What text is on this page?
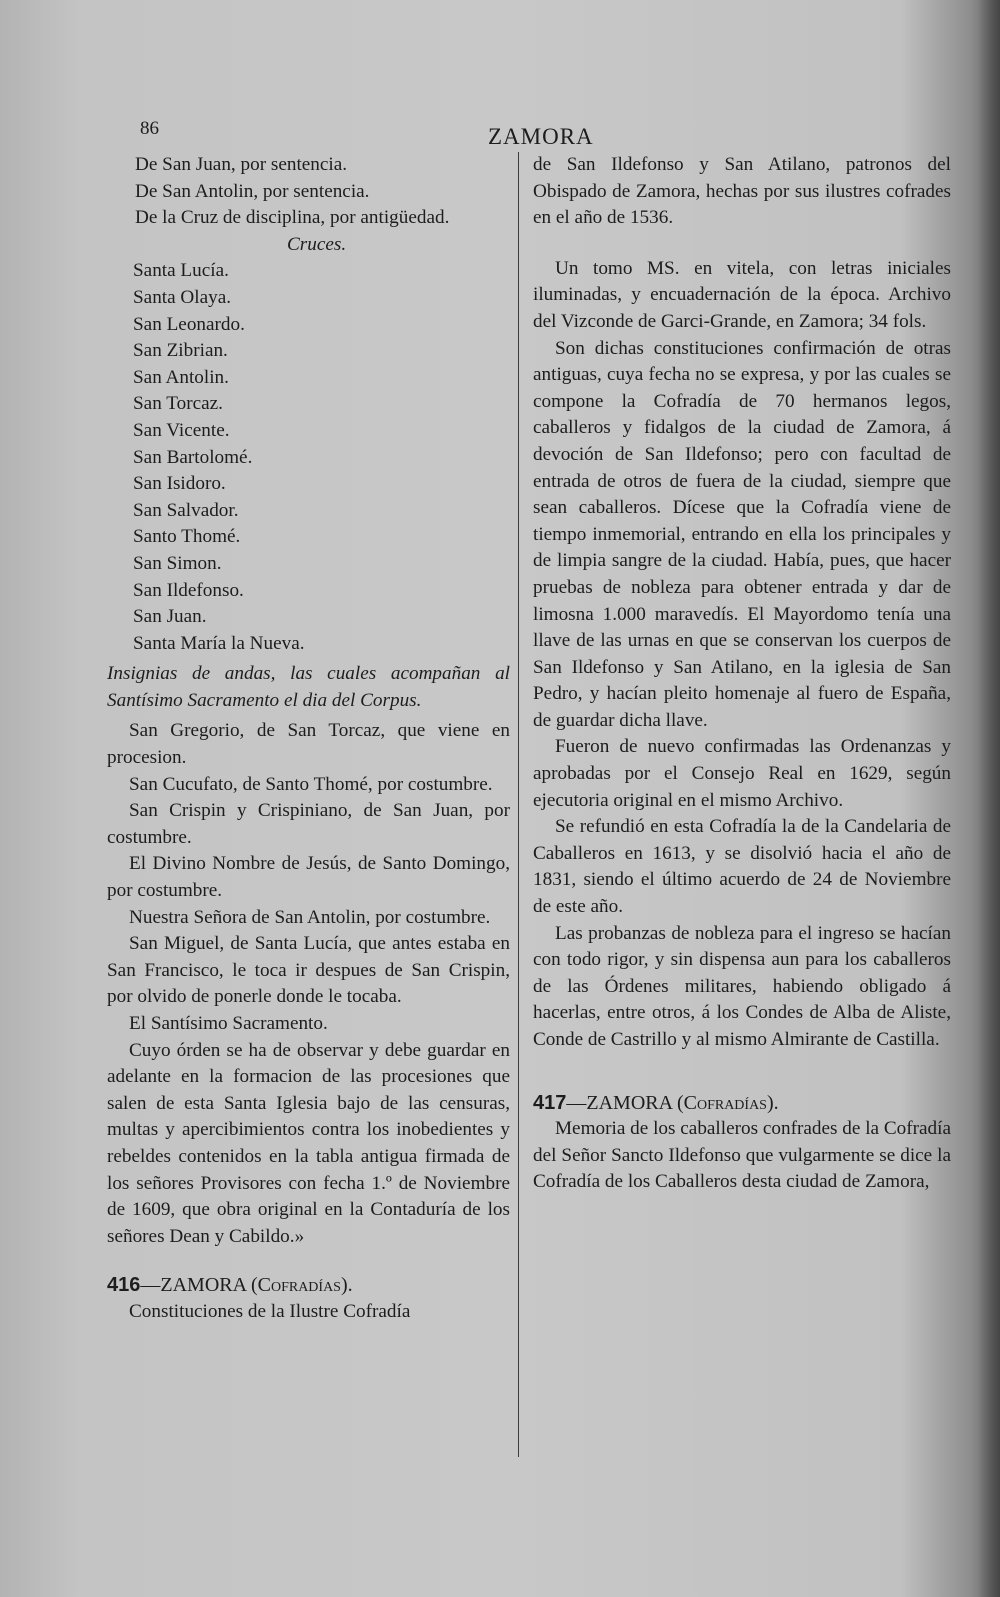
86	ZAMORA
De San Juan, por sentencia.
De San Antolin, por sentencia.
De la Cruz de disciplina, por antigüedad.
Cruces.
Santa Lucía.
Santa Olaya.
San Leonardo.
San Zibrian.
San Antolin.
San Torcaz.
San Vicente.
San Bartolomé.
San Isidoro.
San Salvador.
Santo Thomé.
San Simon.
San Ildefonso.
San Juan.
Santa María la Nueva.

Insignias de andas, las cuales acompañan al Santísimo Sacramento el dia del Corpus.

San Gregorio, de San Torcaz, que viene en procesion.

San Cucufato, de Santo Thomé, por costumbre.

San Crispin y Crispiniano, de San Juan, por costumbre.

El Divino Nombre de Jesús, de Santo Domingo, por costumbre.

Nuestra Señora de San Antolin, por costumbre.

San Miguel, de Santa Lucía, que antes estaba en San Francisco, le toca ir despues de San Crispin, por olvido de ponerle donde le tocaba.

El Santísimo Sacramento.

Cuyo órden se ha de observar y debe guardar en adelante en la formacion de las procesiones que salen de esta Santa Iglesia bajo de las censuras, multas y apercibimientos contra los inobedientes y rebeldes contenidos en la tabla antigua firmada de los señores Provisores con fecha 1.º de Noviembre de 1609, que obra original en la Contaduría de los señores Dean y Cabildo.»

416—ZAMORA (Cofradías).

Constituciones de la Ilustre Cofradía

de San Ildefonso y San Atilano, patronos del Obispado de Zamora, hechas por sus ilustres cofrades en el año de 1536.

Un tomo MS. en vitela, con letras iniciales iluminadas, y encuadernación de la época. Archivo del Vizconde de Garci-Grande, en Zamora; 34 fols.

Son dichas constituciones confirmación de otras antiguas, cuya fecha no se expresa, y por las cuales se compone la Cofradía de 70 hermanos legos, caballeros y fidalgos de la ciudad de Zamora, á devoción de San Ildefonso; pero con facultad de entrada de otros de fuera de la ciudad, siempre que sean caballeros. Dícese que la Cofradía viene de tiempo inmemorial, entrando en ella los principales y de limpia sangre de la ciudad. Había, pues, que hacer pruebas de nobleza para obtener entrada y dar de limosna 1.000 maravedís. El Mayordomo tenía una llave de las urnas en que se conservan los cuerpos de San Ildefonso y San Atilano, en la iglesia de San Pedro, y hacían pleito homenaje al fuero de España, de guardar dicha llave.

Fueron de nuevo confirmadas las Ordenanzas y aprobadas por el Consejo Real en 1629, según ejecutoria original en el mismo Archivo.

Se refundió en esta Cofradía la de la Candelaria de Caballeros en 1613, y se disolvió hacia el año de 1831, siendo el último acuerdo de 24 de Noviembre de este año.

Las probanzas de nobleza para el ingreso se hacían con todo rigor, y sin dispensa aun para los caballeros de las Órdenes militares, habiendo obligado á hacerlas, entre otros, á los Condes de Alba de Aliste, Conde de Castrillo y al mismo Almirante de Castilla.

417—ZAMORA (Cofradías).

Memoria de los caballeros confrades de la Cofradía del Señor Sancto Ildefonso que vulgarmente se dice la Cofradía de los Caballeros desta ciudad de Zamora,
